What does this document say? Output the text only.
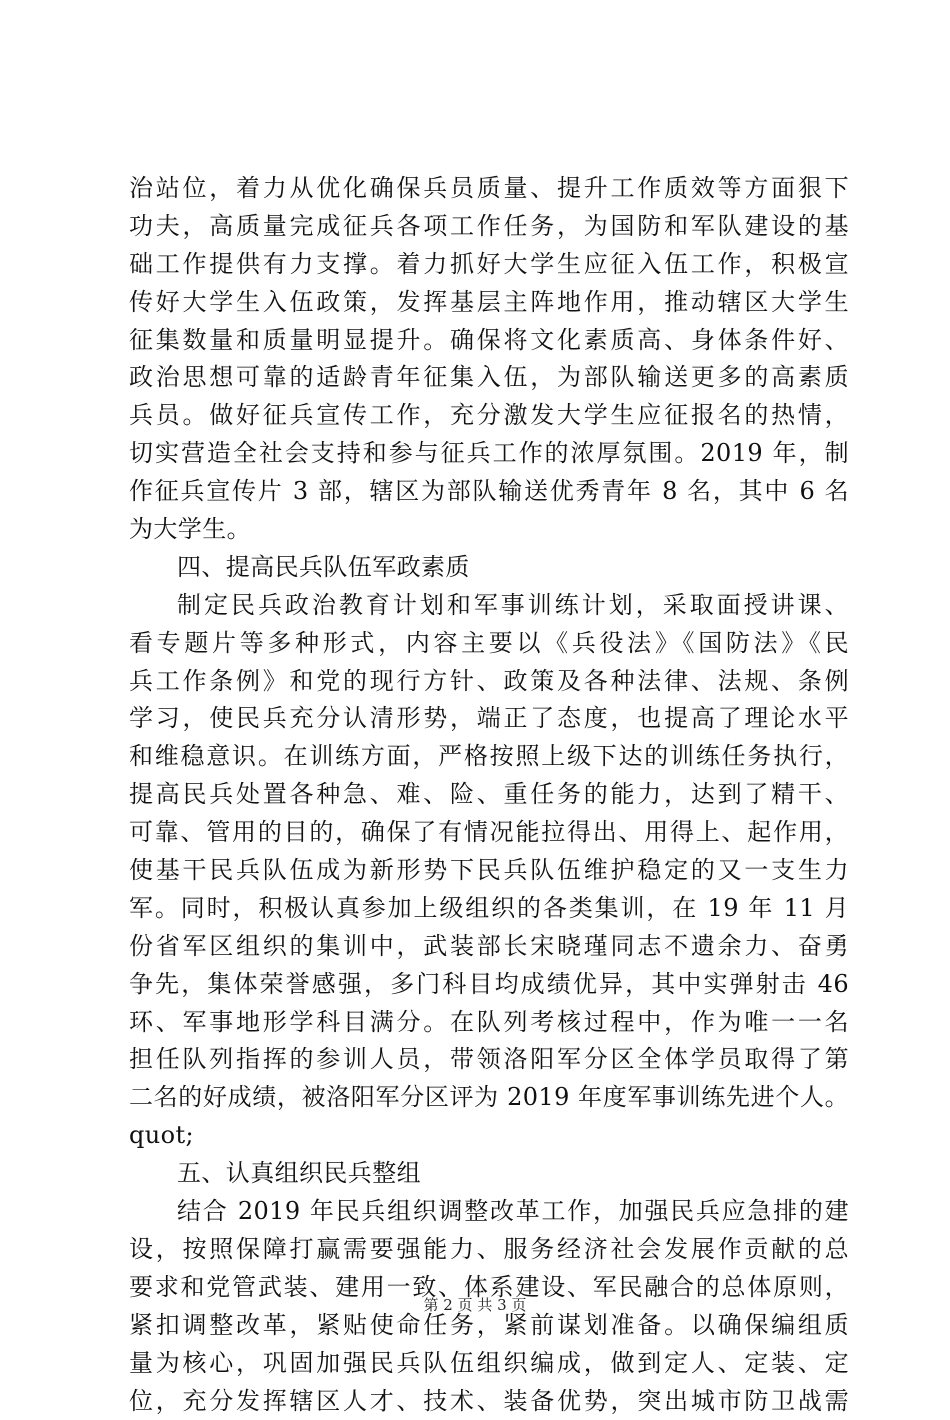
治站位，着力从优化确保兵员质量、提升工作质效等方面狠下
功夫，高质量完成征兵各项工作任务，为国防和军队建设的基
础工作提供有力支撑。着力抓好大学生应征入伍工作，积极宣
传好大学生入伍政策，发挥基层主阵地作用，推动辖区大学生
征集数量和质量明显提升。确保将文化素质高、身体条件好、
政治思想可靠的适龄青年征集入伍，为部队输送更多的高素质
兵员。做好征兵宣传工作，充分激发大学生应征报名的热情，
切实营造全社会支持和参与征兵工作的浓厚氛围。2019 年，制
作征兵宣传片 3 部，辖区为部队输送优秀青年 8 名，其中 6 名
为大学生。
四、提高民兵队伍军政素质
制定民兵政治教育计划和军事训练计划，采取面授讲课、
看专题片等多种形式，内容主要以《兵役法》《国防法》《民
兵工作条例》和党的现行方针、政策及各种法律、法规、条例
学习，使民兵充分认清形势，端正了态度，也提高了理论水平
和维稳意识。在训练方面，严格按照上级下达的训练任务执行，
提高民兵处置各种急、难、险、重任务的能力，达到了精干、
可靠、管用的目的，确保了有情况能拉得出、用得上、起作用，
使基干民兵队伍成为新形势下民兵队伍维护稳定的又一支生力
军。同时，积极认真参加上级组织的各类集训，在 19 年 11 月
份省军区组织的集训中，武装部长宋晓瑾同志不遗余力、奋勇
争先，集体荣誉感强，多门科目均成绩优异，其中实弹射击 46
环、军事地形学科目满分。在队列考核过程中，作为唯一一名
担任队列指挥的参训人员，带领洛阳军分区全体学员取得了第
二名的好成绩，被洛阳军分区评为 2019 年度军事训练先进个人。
quot;
五、认真组织民兵整组
结合 2019 年民兵组织调整改革工作，加强民兵应急排的建
设，按照保障打赢需要强能力、服务经济社会发展作贡献的总
要求和党管武装、建用一致、体系建设、军民融合的总体原则，
紧扣调整改革，紧贴使命任务，紧前谋划准备。以确保编组质
量为核心，巩固加强民兵队伍组织编成，做到定人、定装、定
位，充分发挥辖区人才、技术、装备优势，突出城市防卫战需
第 2 页 共 3 页
